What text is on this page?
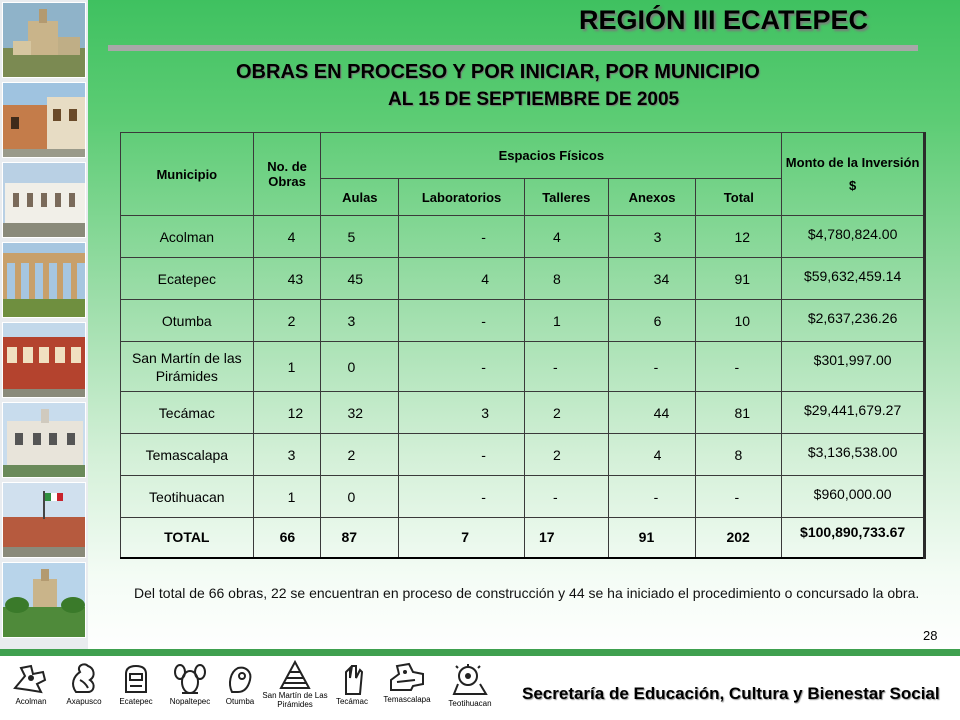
REGIÓN III ECATEPEC
OBRAS EN PROCESO Y POR INICIAR, POR MUNICIPIO
AL 15 DE SEPTIEMBRE DE 2005
Municipio	No. de Obras	Espacios Físicos					Monto de la Inversión
$

		Aulas	Laboratorios	Talleres	Anexos	Total	
Acolman	4	5	-	4	3	12	$4,780,824.00
Ecatepec	43	45	4	8	34	91	$59,632,459.14
Otumba	2	3	-	1	6	10	$2,637,236.26
San Martín de las Pirámides	1	0	-	-	-	-	$301,997.00
Tecámac	12	32	3	2	44	81	$29,441,679.27
Temascalapa	3	2	-	2	4	8	$3,136,538.00
Teotihuacan	1	0	-	-	-	-	$960,000.00
TOTAL	66	87	7	17	91	202	$100,890,733.67
Del total de 66 obras, 22 se encuentran en proceso de construcción y 44 se ha iniciado el procedimiento o concursado la obra.
28
Acolman	Axapusco	Ecatepec	Nopaltepec	Otumba
San Martín de Las Pirámides	Tecámac	Temascalapa	Teotihuacan
Secretaría de Educación, Cultura y Bienestar Social
